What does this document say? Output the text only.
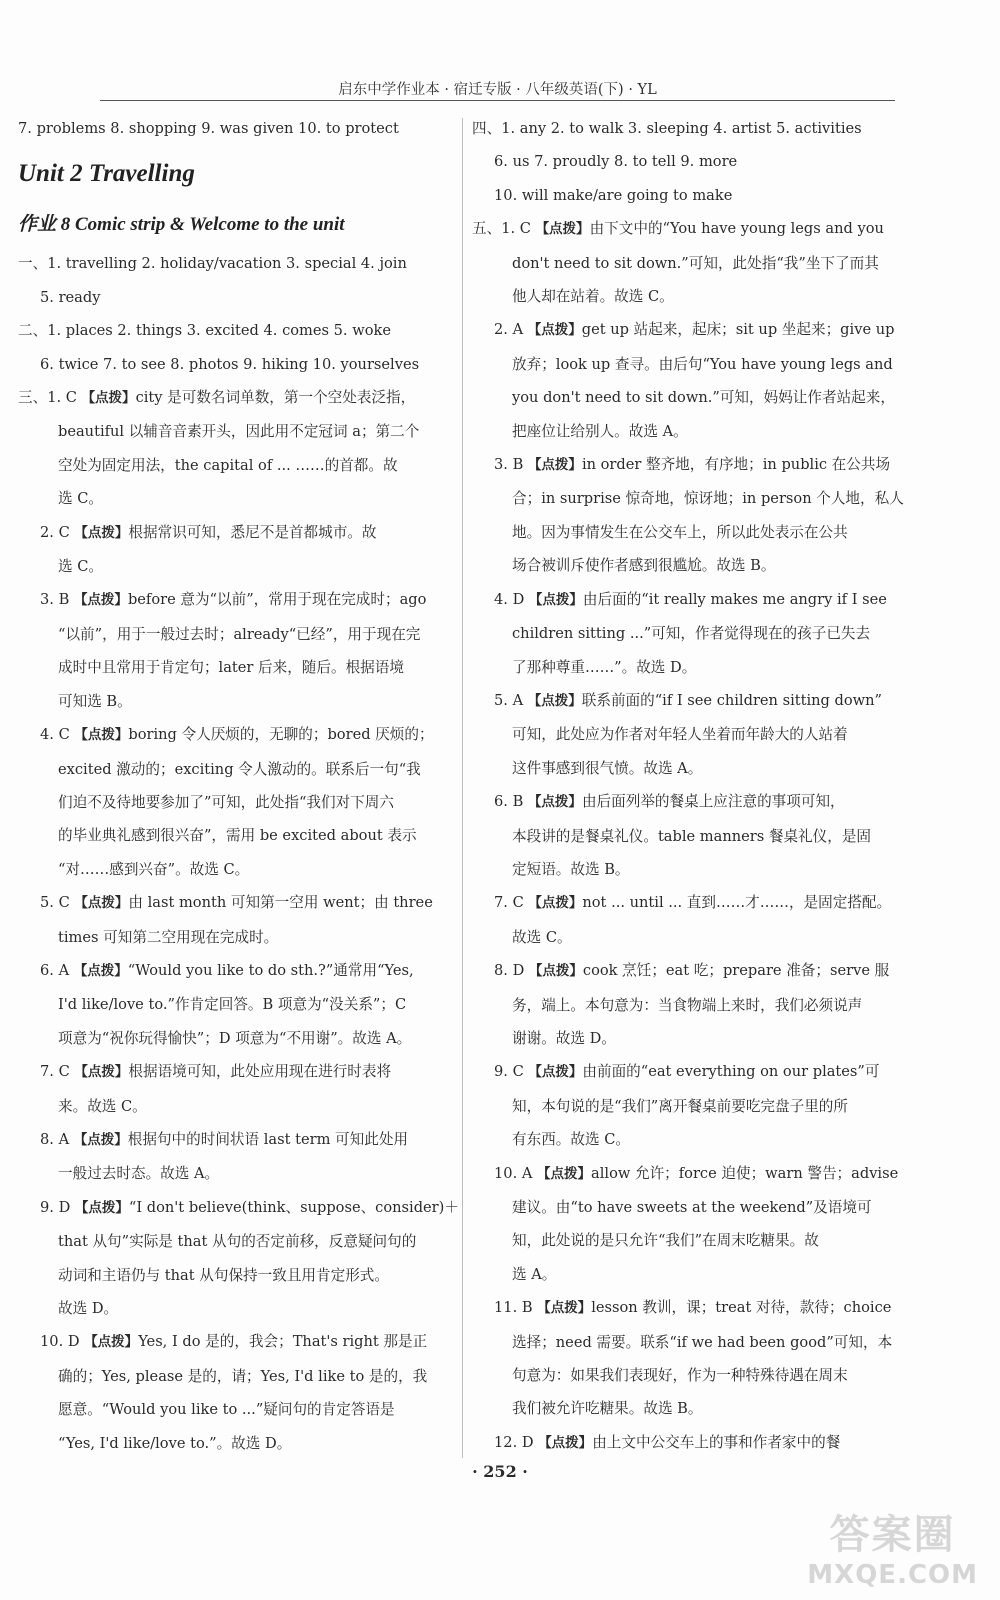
启东中学作业本 · 宿迁专版 · 八年级英语(下) · YL
7. problems 8. shopping 9. was given 10. to protect
Unit 2 Travelling
作业 8 Comic strip & Welcome to the unit
一、1. travelling 2. holiday/vacation 3. special 4. join
5. ready
二、1. places 2. things 3. excited 4. comes 5. woke
6. twice 7. to see 8. photos 9. hiking 10. yourselves
三、1. C 【点拨】city 是可数名词单数，第一个空处表泛指，
beautiful 以辅音音素开头，因此用不定冠词 a；第二个
空处为固定用法，the capital of ... ……的首都。故
选 C。
2. C 【点拨】根据常识可知，悉尼不是首都城市。故
选 C。
3. B 【点拨】before 意为“以前”，常用于现在完成时；ago
“以前”，用于一般过去时；already“已经”，用于现在完
成时中且常用于肯定句；later 后来，随后。根据语境
可知选 B。
4. C 【点拨】boring 令人厌烦的，无聊的；bored 厌烦的；
excited 激动的；exciting 令人激动的。联系后一句“我
们迫不及待地要参加了”可知，此处指“我们对下周六
的毕业典礼感到很兴奋”，需用 be excited about 表示
“对……感到兴奋”。故选 C。
5. C 【点拨】由 last month 可知第一空用 went；由 three
times 可知第二空用现在完成时。
6. A 【点拨】“Would you like to do sth.?”通常用“Yes,
I'd like/love to.”作肯定回答。B 项意为“没关系”；C
项意为“祝你玩得愉快”；D 项意为“不用谢”。故选 A。
7. C 【点拨】根据语境可知，此处应用现在进行时表将
来。故选 C。
8. A 【点拨】根据句中的时间状语 last term 可知此处用
一般过去时态。故选 A。
9. D 【点拨】“I don't believe(think、suppose、consider)＋
that 从句”实际是 that 从句的否定前移，反意疑问句的
动词和主语仍与 that 从句保持一致且用肯定形式。
故选 D。
10. D 【点拨】Yes, I do 是的，我会；That's right 那是正
确的；Yes, please 是的，请；Yes, I'd like to 是的，我
愿意。“Would you like to ...”疑问句的肯定答语是
“Yes, I'd like/love to.”。故选 D。
四、1. any 2. to walk 3. sleeping 4. artist 5. activities
6. us 7. proudly 8. to tell 9. more
10. will make/are going to make
五、1. C 【点拨】由下文中的“You have young legs and you
don't need to sit down.”可知，此处指“我”坐下了而其
他人却在站着。故选 C。
2. A 【点拨】get up 站起来，起床；sit up 坐起来；give up
放弃；look up 查寻。由后句“You have young legs and
you don't need to sit down.”可知，妈妈让作者站起来，
把座位让给别人。故选 A。
3. B 【点拨】in order 整齐地，有序地；in public 在公共场
合；in surprise 惊奇地，惊讶地；in person 个人地，私人
地。因为事情发生在公交车上，所以此处表示在公共
场合被训斥使作者感到很尴尬。故选 B。
4. D 【点拨】由后面的“it really makes me angry if I see
children sitting ...”可知，作者觉得现在的孩子已失去
了那种尊重……”。故选 D。
5. A 【点拨】联系前面的“if I see children sitting down”
可知，此处应为作者对年轻人坐着而年龄大的人站着
这件事感到很气愤。故选 A。
6. B 【点拨】由后面列举的餐桌上应注意的事项可知，
本段讲的是餐桌礼仪。table manners 餐桌礼仪，是固
定短语。故选 B。
7. C 【点拨】not ... until ... 直到……才……，是固定搭配。
故选 C。
8. D 【点拨】cook 烹饪；eat 吃；prepare 准备；serve 服
务，端上。本句意为：当食物端上来时，我们必须说声
谢谢。故选 D。
9. C 【点拨】由前面的“eat everything on our plates”可
知，本句说的是“我们”离开餐桌前要吃完盘子里的所
有东西。故选 C。
10. A 【点拨】allow 允许；force 迫使；warn 警告；advise
建议。由“to have sweets at the weekend”及语境可
知，此处说的是只允许“我们”在周末吃糖果。故
选 A。
11. B 【点拨】lesson 教训，课；treat 对待，款待；choice
选择；need 需要。联系“if we had been good”可知，本
句意为：如果我们表现好，作为一种特殊待遇在周末
我们被允许吃糖果。故选 B。
12. D 【点拨】由上文中公交车上的事和作者家中的餐
· 252 ·
答案圈
MXQE.COM
